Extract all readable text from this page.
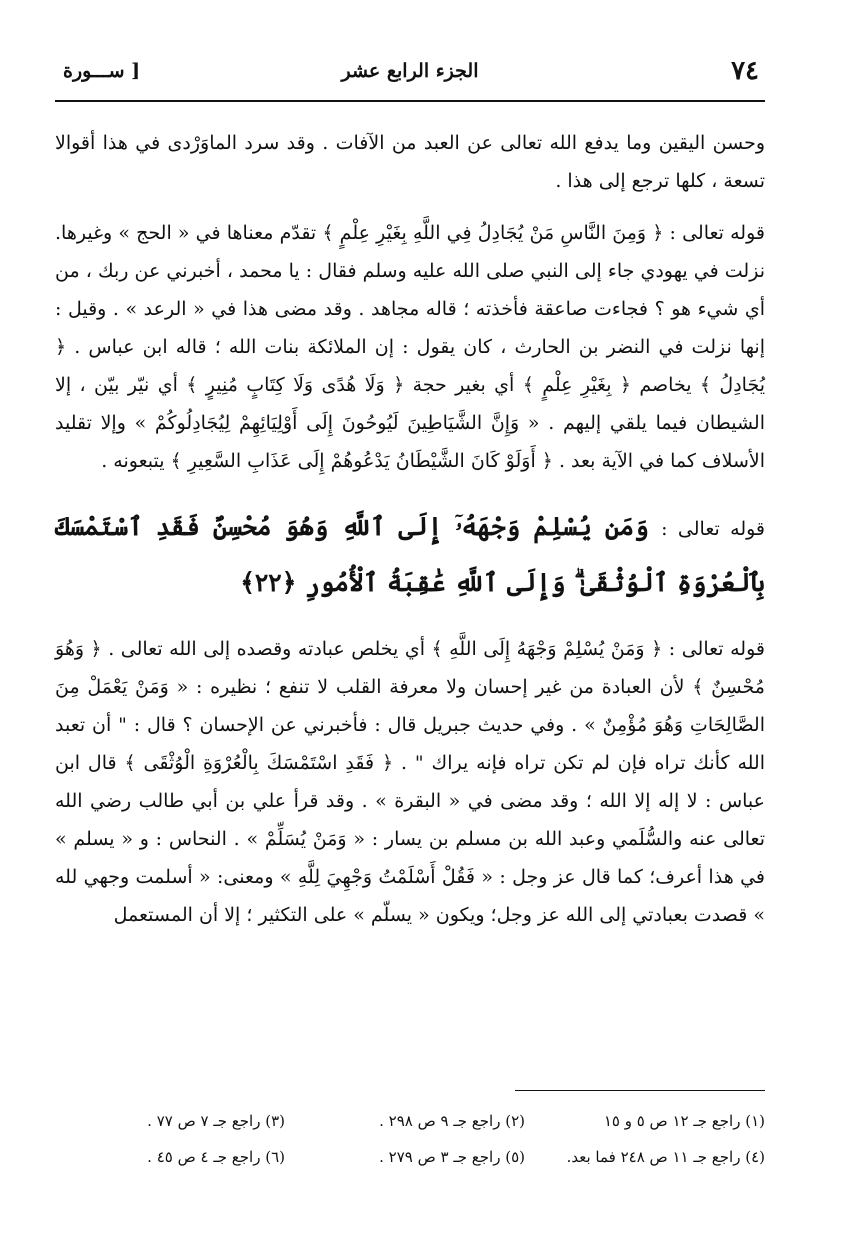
٧٤
الجزء الرابع عشر
[ ســـورة

وحسن اليقين وما يدفع الله تعالى عن العبد من الآفات . وقد سرد الماوَرْدى في هذا أقوالا تسعة ، كلها ترجع إلى هذا .

قوله تعالى : ﴿ وَمِنَ النَّاسِ مَنْ يُجَادِلُ فِي اللَّهِ بِغَيْرِ عِلْمٍ ﴾ تقدّم معناها في « الحج » وغيرها. نزلت في يهودي جاء إلى النبي صلى الله عليه وسلم فقال : يا محمد ، أخبرني عن ربك ، من أي شيء هو ؟ فجاءت صاعقة فأخذته ؛ قاله مجاهد . وقد مضى هذا في « الرعد » . وقيل : إنها نزلت في النضر بن الحارث ، كان يقول : إن الملائكة بنات الله ؛ قاله ابن عباس . ﴿ يُجَادِلُ ﴾ يخاصم ﴿ بِغَيْرِ عِلْمٍ ﴾ أي بغير حجة ﴿ وَلَا هُدًى وَلَا كِتَابٍ مُنِيرٍ ﴾ أي نيّر بيّن ، إلا الشيطان فيما يلقي إليهم . « وَإِنَّ الشَّيَاطِينَ لَيُوحُونَ إِلَى أَوْلِيَائِهِمْ لِيُجَادِلُوكُمْ » وإلا تقليد الأسلاف كما في الآية بعد . ﴿ أَوَلَوْ كَانَ الشَّيْطَانُ يَدْعُوهُمْ إِلَى عَذَابِ السَّعِيرِ ﴾ يتبعونه .

قوله تعالى : وَمَن يُسْلِمْ وَجْهَهُۥٓ إِلَى ٱللَّهِ وَهُوَ مُحْسِنٌ فَقَدِ ٱسْتَمْسَكَ بِٱلْعُرْوَةِ ٱلْوُثْقَىٰ ۗ وَإِلَى ٱللَّهِ عَٰقِبَةُ ٱلْأُمُورِ ﴿٢٢﴾

قوله تعالى : ﴿ وَمَنْ يُسْلِمْ وَجْهَهُ إِلَى اللَّهِ ﴾ أي يخلص عبادته وقصده إلى الله تعالى . ﴿ وَهُوَ مُحْسِنٌ ﴾ لأن العبادة من غير إحسان ولا معرفة القلب لا تنفع ؛ نظيره : « وَمَنْ يَعْمَلْ مِنَ الصَّالِحَاتِ وَهُوَ مُؤْمِنٌ » . وفي حديث جبريل قال : فأخبرني عن الإحسان ؟ قال : " أن تعبد الله كأنك تراه فإن لم تكن تراه فإنه يراك " . ﴿ فَقَدِ اسْتَمْسَكَ بِالْعُرْوَةِ الْوُثْقَى ﴾ قال ابن عباس : لا إله إلا الله ؛ وقد مضى في « البقرة » . وقد قرأ علي بن أبي طالب رضي الله تعالى عنه والسُّلَمي وعبد الله بن مسلم بن يسار : « وَمَنْ يُسَلِّمْ » . النحاس : و « يسلم » في هذا أعرف؛ كما قال عز وجل : « فَقُلْ أَسْلَمْتُ وَجْهِيَ لِلَّهِ » ومعنى: « أسلمت وجهي لله » قصدت بعبادتي إلى الله عز وجل؛ ويكون « يسلّم » على التكثير ؛ إلا أن المستعمل

(١) راجع جـ ١٢ ص ٥ و ١٥
(٢) راجع جـ ٩ ص ٢٩٨ .
(٣) راجع جـ ٧ ص ٧٧ .
(٤) راجع جـ ١١ ص ٢٤٨ فما بعد.
(٥) راجع جـ ٣ ص ٢٧٩ .
(٦) راجع جـ ٤ ص ٤٥ .
